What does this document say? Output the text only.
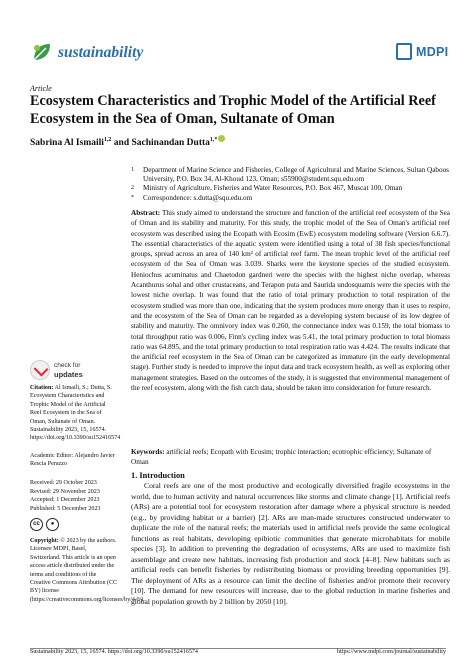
sustainability	MDPI
Article
Ecosystem Characteristics and Trophic Model of the Artificial Reef Ecosystem in the Sea of Oman, Sultanate of Oman
Sabrina Al Ismaili$^{1,2}$ and Sachinandan Dutta$^{1,*}$
1 Department of Marine Science and Fisheries, College of Agricultural and Marine Sciences, Sultan Qaboos University, P.O. Box 34, Al-Khoud 123, Oman; s55900@student.squ.edu.om
2 Ministry of Agriculture, Fisheries and Water Resources, P.O. Box 467, Muscat 100, Oman
* Correspondence: s.dutta@squ.edu.om

Abstract: This study aimed to understand the structure and function of the artificial reef ecosystem of the Sea of Oman and its stability and maturity. For this study, the trophic model of the Sea of Oman's artificial reef ecosystem was described using the Ecopath with Ecosim (EwE) ecosystem modeling software (Version 6.6.7). The essential characteristics of the aquatic system were identified using a total of 38 fish species/functional groups, spread across an area of 140 km² of artificial reef farm. The mean trophic level of the artificial reef ecosystem of the Sea of Oman was 3.039. Sharks were the keystone species of the studied ecosystem. Heniochus acuminatus and Chaetodon gardneri were the species with the highest niche overlap, whereas Acanthurus sohal and other crustaceans, and Terapon puta and Saurida undosquamis were the species with the lowest niche overlap. It was found that the ratio of total primary production to total respiration of the ecosystem studied was more than one, indicating that the system produces more energy than it uses to respire, and the ecosystem of the Sea of Oman can be regarded as a developing system because of its low degree of stability and maturity. The omnivory index was 0.260, the connectance index was 0.159, the total biomass to total throughput ratio was 0.006, Finn's cycling index was 5.41, the total primary production to total biomass ratio was 64.895, and the total primary production to total respiration ratio was 4.424. The results indicate that the artificial reef ecosystem in the Sea of Oman can be categorized as immature (in the early developmental stage). Further study is needed to improve the input data and track ecosystem health, as well as exploring other management strategies. Based on the outcomes of the study, it is suggested that environmental management of the reef ecosystem, along with the fish catch data, should be taken into consideration for future research.

Keywords: artificial reefs; Ecopath with Ecosim; trophic interaction; ecotrophic efficiency; Sultanate of Oman

check for
updates

Citation: Al Ismaili, S.; Dutta, S. Ecosystem Characteristics and Trophic Model of the Artificial Reef Ecosystem in the Sea of Oman, Sultanate of Oman. Sustainability 2023, 15, 16574. https://doi.org/10.3390/su152416574

Academic Editor: Alejandro Javier Rescia Perazzo

Received: 29 October 2023
Revised: 29 November 2023
Accepted: 1 December 2023
Published: 5 December 2023
cc	●

Copyright: © 2023 by the authors. Licensee MDPI, Basel, Switzerland. This article is an open access article distributed under the terms and conditions of the Creative Commons Attribution (CC BY) license (https://creativecommons.org/licenses/by/4.0/).

1. Introduction

Coral reefs are one of the most productive and ecologically diversified fragile ecosystems in the world, due to human activity and natural occurrences like storms and climate change [1]. Artificial reefs (ARs) are a potential tool for ecosystem restoration after damage where a physical structure is needed (e.g., by providing habitat or a barrier) [2]. ARs are man-made structures constructed underwater to duplicate the role of the natural reefs; the materials used in artificial reefs provide the same ecological functions as real habitats, developing epibiotic communities that generate microhabitats for mobile species [3]. In addition to preventing the degradation of ecosystems, ARs are used to maximize fish assemblage and create new habitats, increasing fish production and stock [4–8]. New habitats such as artificial reefs can benefit fisheries by redistributing biomass or providing breeding opportunities [9]. The deployment of ARs as a resource can limit the decline of fisheries and/or promote their recovery [10]. The demand for new resources will increase, due to the global reduction in marine fisheries and global population growth by 2 billion by 2050 [10].

Sustainability 2023, 15, 16574. https://doi.org/10.3390/su152416574	https://www.mdpi.com/journal/sustainability
